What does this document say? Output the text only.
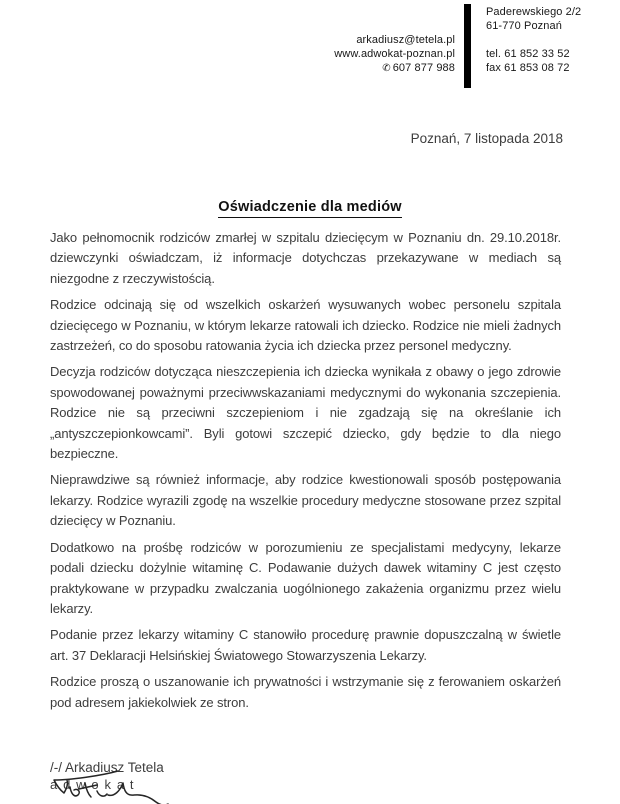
arkadiusz@tetela.pl
www.adwokat-poznan.pl
✆ 607 877 988
Paderewskiego 2/2
61-770 Poznań
tel. 61 852 33 52
fax 61 853 08 72
Poznań, 7 listopada 2018
Oświadczenie dla mediów

Jako pełnomocnik rodziców zmarłej w szpitalu dziecięcym w Poznaniu dn. 29.10.2018r. dziewczynki oświadczam, iż informacje dotychczas przekazywane w mediach są niezgodne z rzeczywistością.

Rodzice odcinają się od wszelkich oskarżeń wysuwanych wobec personelu szpitala dziecięcego w Poznaniu, w którym lekarze ratowali ich dziecko. Rodzice nie mieli żadnych zastrzeżeń, co do sposobu ratowania życia ich dziecka przez personel medyczny.

Decyzja rodziców dotycząca nieszczepienia ich dziecka wynikała z obawy o jego zdrowie spowodowanej poważnymi przeciwwskazaniami medycznymi do wykonania szczepienia. Rodzice nie są przeciwni szczepieniom i nie zgadzają się na określanie ich „antyszczepionkowcami”. Byli gotowi szczepić dziecko, gdy będzie to dla niego bezpieczne.

Nieprawdziwe są również informacje, aby rodzice kwestionowali sposób postępowania lekarzy. Rodzice wyrazili zgodę na wszelkie procedury medyczne stosowane przez szpital dziecięcy w Poznaniu.

Dodatkowo na prośbę rodziców w porozumieniu ze specjalistami medycyny, lekarze podali dziecku dożylnie witaminę C. Podawanie dużych dawek witaminy C jest często praktykowane w przypadku zwalczania uogólnionego zakażenia organizmu przez wielu lekarzy.

Podanie przez lekarzy witaminy C stanowiło procedurę prawnie dopuszczalną w świetle art. 37 Deklaracji Helsińskiej Światowego Stowarzyszenia Lekarzy.

Rodzice proszą o uszanowanie ich prywatności i wstrzymanie się z ferowaniem oskarżeń pod adresem jakiekolwiek ze stron.

/-/ Arkadiusz Tetela
adwokat
